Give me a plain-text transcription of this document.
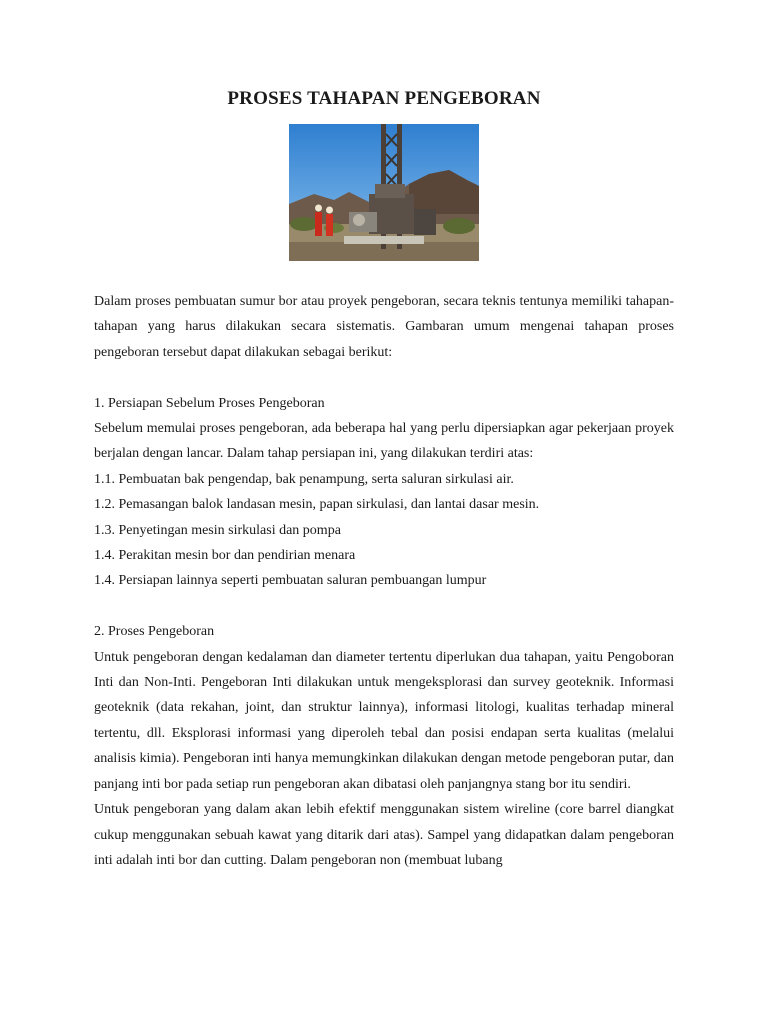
PROSES TAHAPAN PENGEBORAN

Dalam proses pembuatan sumur bor atau proyek pengeboran, secara teknis tentunya memiliki tahapan-tahapan yang harus dilakukan secara sistematis. Gambaran umum mengenai tahapan proses pengeboran tersebut dapat dilakukan sebagai berikut:

1. Persiapan Sebelum Proses Pengeboran

Sebelum memulai proses pengeboran, ada beberapa hal yang perlu dipersiapkan agar pekerjaan proyek berjalan dengan lancar. Dalam tahap persiapan ini, yang dilakukan terdiri atas:

1.1. Pembuatan bak pengendap, bak penampung, serta saluran sirkulasi air.

1.2. Pemasangan balok landasan mesin, papan sirkulasi, dan lantai dasar mesin.

1.3. Penyetingan mesin sirkulasi dan pompa

1.4. Perakitan mesin bor dan pendirian menara

1.4. Persiapan lainnya seperti pembuatan saluran pembuangan lumpur

2. Proses Pengeboran

Untuk pengeboran dengan kedalaman dan diameter tertentu diperlukan dua tahapan, yaitu Pengoboran Inti dan Non-Inti. Pengeboran Inti dilakukan untuk mengeksplorasi dan survey geoteknik. Informasi geoteknik (data rekahan, joint, dan struktur lainnya), informasi litologi, kualitas terhadap mineral tertentu, dll. Eksplorasi informasi yang diperoleh tebal dan posisi endapan serta kualitas (melalui analisis kimia). Pengeboran inti hanya memungkinkan dilakukan dengan metode pengeboran putar, dan panjang inti bor pada setiap run pengeboran akan dibatasi oleh panjangnya stang bor itu sendiri.

Untuk pengeboran yang dalam akan lebih efektif menggunakan sistem wireline (core barrel diangkat cukup menggunakan sebuah kawat yang ditarik dari atas). Sampel yang didapatkan dalam pengeboran inti adalah inti bor dan cutting. Dalam pengeboran non (membuat lubang
